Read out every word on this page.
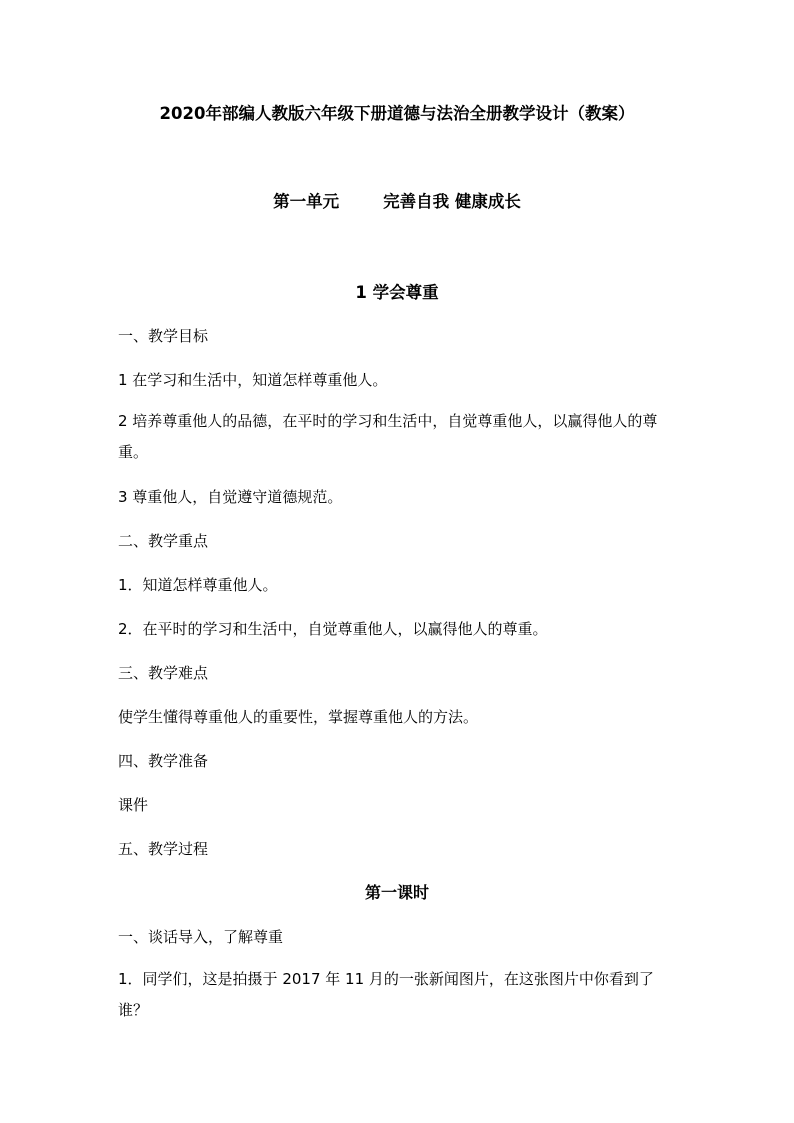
2020年部编人教版六年级下册道德与法治全册教学设计（教案）
第一单元	完善自我 健康成长
1 学会尊重
一、教学目标
1 在学习和生活中，知道怎样尊重他人。
2 培养尊重他人的品德，在平时的学习和生活中，自觉尊重他人，以赢得他人的尊重。
3 尊重他人，自觉遵守道德规范。
二、教学重点
1．知道怎样尊重他人。
2．在平时的学习和生活中，自觉尊重他人，以赢得他人的尊重。
三、教学难点
使学生懂得尊重他人的重要性，掌握尊重他人的方法。
四、教学准备
课件
五、教学过程
第一课时
一、谈话导入，了解尊重
1．同学们，这是拍摄于 2017 年 11 月的一张新闻图片，在这张图片中你看到了谁？
